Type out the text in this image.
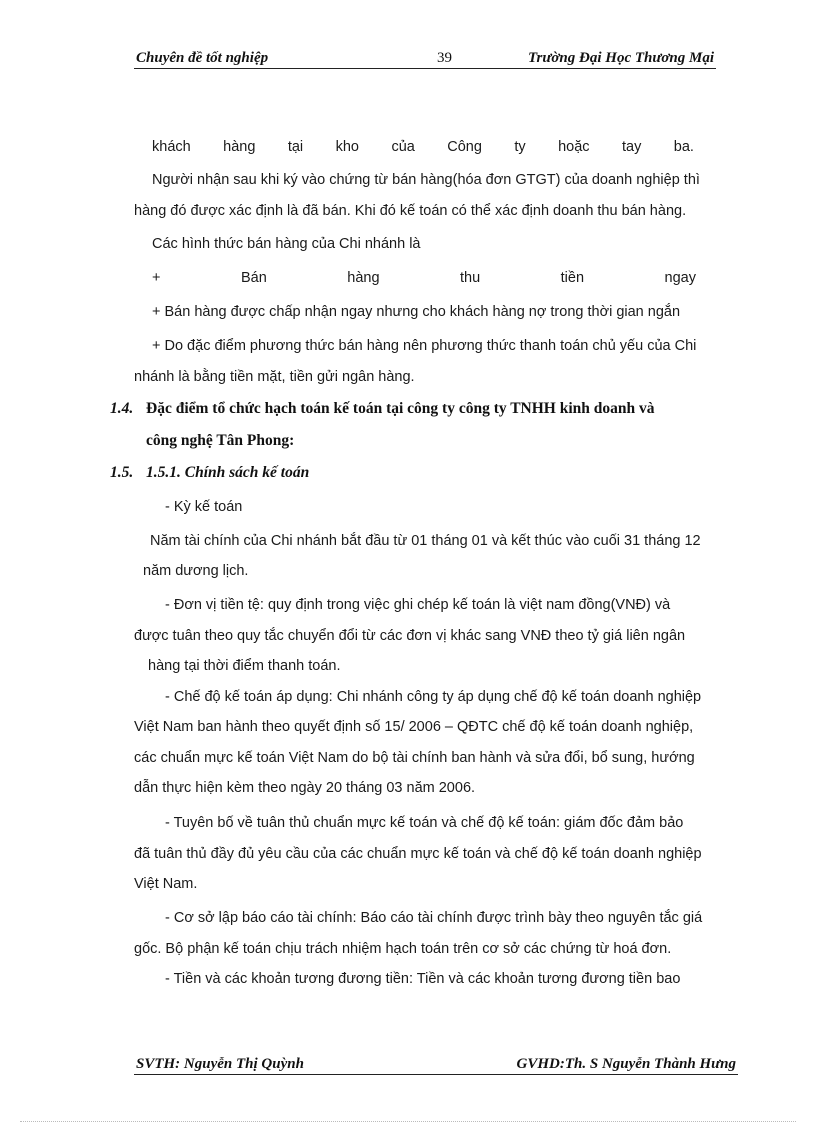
Chuyên đề tốt nghiệp	39	Trường Đại Học Thương Mại
khách hàng tại kho của Công ty hoặc tay ba.
Người nhận sau khi ký vào chứng từ bán hàng(hóa đơn GTGT) của doanh nghiệp thì
hàng đó được xác định là đã bán. Khi đó kế toán có thể xác định doanh thu bán hàng.
Các hình thức bán hàng của Chi nhánh là
+	Bán	hàng	thu	tiền	ngay
+ Bán hàng được chấp nhận ngay nhưng cho khách hàng nợ trong thời gian ngắn
+ Do đặc điểm phương thức bán hàng nên phương thức thanh toán chủ yếu của Chi
nhánh là bằng tiền mặt, tiền gửi ngân hàng.
1.4. Đặc điểm tổ chức hạch toán kế toán tại công ty công ty TNHH kinh doanh và
công nghệ Tân Phong:
1.5. 1.5.1. Chính sách kế toán
- Kỳ kế toán
Năm tài chính của Chi nhánh bắt đầu từ 01 tháng 01 và kết thúc vào cuối 31 tháng 12
năm dương lịch.
- Đơn vị tiền tệ: quy định trong việc ghi chép kế toán là việt nam đồng(VNĐ) và
được tuân theo quy tắc chuyển đổi từ các đơn vị khác sang VNĐ theo tỷ giá liên ngân
hàng tại thời điểm thanh toán.
- Chế độ kế toán áp dụng: Chi nhánh công ty áp dụng chế độ kế toán doanh nghiệp
Việt Nam ban hành theo quyết định số 15/ 2006 – QĐTC chế độ kế toán doanh nghiệp,
các chuẩn mực kế toán Việt Nam do bộ tài chính ban hành và sửa đổi, bổ sung, hướng
dẫn thực hiện kèm theo ngày 20 tháng 03 năm 2006.
- Tuyên bố về tuân thủ chuẩn mực kế toán và chế độ kế toán: giám đốc đảm bảo
đã tuân thủ đầy đủ yêu cầu của các chuẩn mực kế toán và chế độ kế toán doanh nghiệp
Việt Nam.
- Cơ sở lập báo cáo tài chính: Báo cáo tài chính được trình bày theo nguyên tắc giá
gốc. Bộ phận kế toán chịu trách nhiệm hạch toán trên cơ sở các chứng từ hoá đơn.
- Tiền và các khoản tương đương tiền: Tiền và các khoản tương đương tiền bao
SVTH: Nguyễn Thị Quỳnh	GVHD:Th. S Nguyễn Thành Hưng
